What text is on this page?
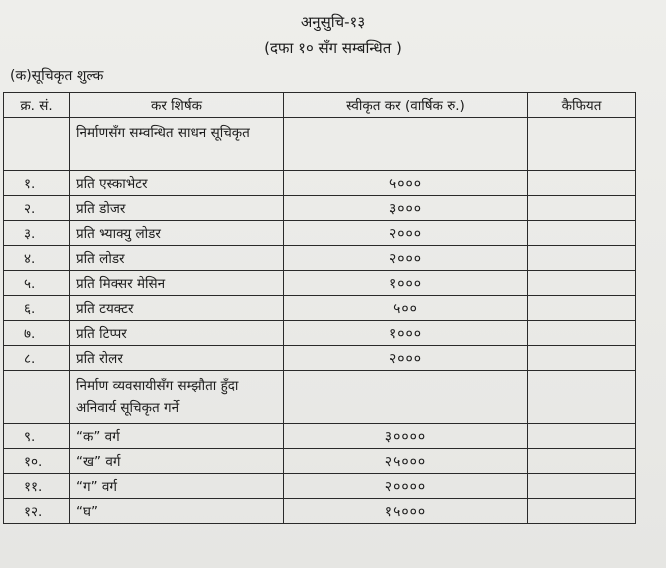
अनुसुचि-१३
(दफा १० सँग सम्बन्धित )
(क)सूचिकृत शुल्क
क्र. सं.	कर शिर्षक	स्वीकृत कर (वार्षिक रु.)	कैफियत
	निर्माणसँग सम्वन्धित साधन सूचिकृत		
१.	प्रति एस्काभेटर	५०००	
२.	प्रति डोजर	३०००	
३.	प्रति भ्याक्यु लोडर	२०००	
४.	प्रति लोडर	२०००	
५.	प्रति मिक्सर मेसिन	१०००	
६.	प्रति टयक्टर	५००	
७.	प्रति टिप्पर	१०००	
८.	प्रति रोलर	२०००	
	निर्माण व्यवसायीसँग सम्झौता हुँदा अनिवार्य सूचिकृत गर्ने		
९.	“क” वर्ग	३००००	
१०.	“ख” वर्ग	२५०००	
११.	“ग” वर्ग	२००००	
१२.	“घ”	१५०००	
